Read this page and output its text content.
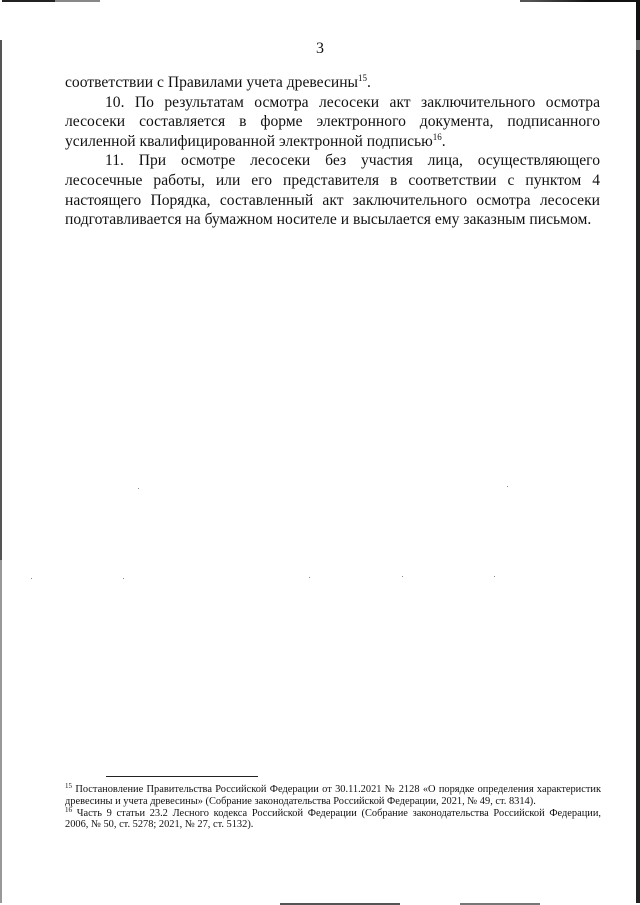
3

соответствии с Правилами учета древесины$^{15}$.

10. По результатам осмотра лесосеки акт заключительного осмотра лесосеки составляется в форме электронного документа, подписанного усиленной квалифицированной электронной подписью$^{16}$.

11. При осмотре лесосеки без участия лица, осуществляющего лесосечные работы, или его представителя в соответствии с пунктом 4 настоящего Порядка, составленный акт заключительного осмотра лесосеки подготавливается на бумажном носителе и высылается ему заказным письмом.

$^{15}$ Постановление Правительства Российской Федерации от 30.11.2021 № 2128 «О порядке определения характеристик древесины и учета древесины» (Собрание законодательства Российской Федерации, 2021, № 49, ст. 8314).

$^{16}$ Часть 9 статьи 23.2 Лесного кодекса Российской Федерации (Собрание законодательства Российской Федерации, 2006, № 50, ст. 5278; 2021, № 27, ст. 5132).
